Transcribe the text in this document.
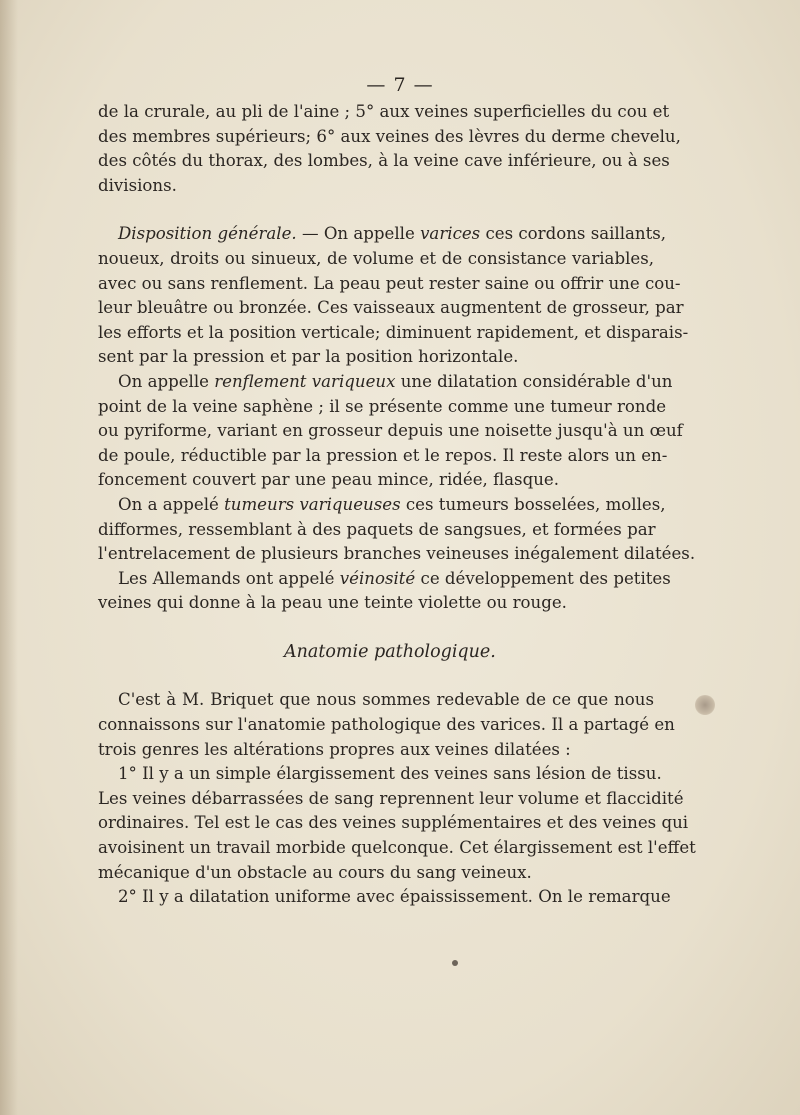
— 7 —
de la crurale, au pli de l'aine ; 5° aux veines superficielles du cou et
des membres supérieurs; 6° aux veines des lèvres du derme chevelu,
des côtés du thorax, des lombes, à la veine cave inférieure, ou à ses
divisions.
Disposition générale. — On appelle varices ces cordons saillants,
noueux, droits ou sinueux, de volume et de consistance variables,
avec ou sans renflement. La peau peut rester saine ou offrir une cou-
leur bleuâtre ou bronzée. Ces vaisseaux augmentent de grosseur, par
les efforts et la position verticale; diminuent rapidement, et disparais-
sent par la pression et par la position horizontale.
On appelle renflement variqueux une dilatation considérable d'un
point de la veine saphène ; il se présente comme une tumeur ronde
ou pyriforme, variant en grosseur depuis une noisette jusqu'à un œuf
de poule, réductible par la pression et le repos. Il reste alors un en-
foncement couvert par une peau mince, ridée, flasque.
On a appelé tumeurs variqueuses ces tumeurs bosselées, molles,
difformes, ressemblant à des paquets de sangsues, et formées par
l'entrelacement de plusieurs branches veineuses inégalement dilatées.
Les Allemands ont appelé véinosité ce développement des petites
veines qui donne à la peau une teinte violette ou rouge.
Anatomie pathologique.
C'est à M. Briquet que nous sommes redevable de ce que nous
connaissons sur l'anatomie pathologique des varices. Il a partagé en
trois genres les altérations propres aux veines dilatées :
1° Il y a un simple élargissement des veines sans lésion de tissu.
Les veines débarrassées de sang reprennent leur volume et flaccidité
ordinaires. Tel est le cas des veines supplémentaires et des veines qui
avoisinent un travail morbide quelconque. Cet élargissement est l'effet
mécanique d'un obstacle au cours du sang veineux.
2° Il y a dilatation uniforme avec épaississement. On le remarque
